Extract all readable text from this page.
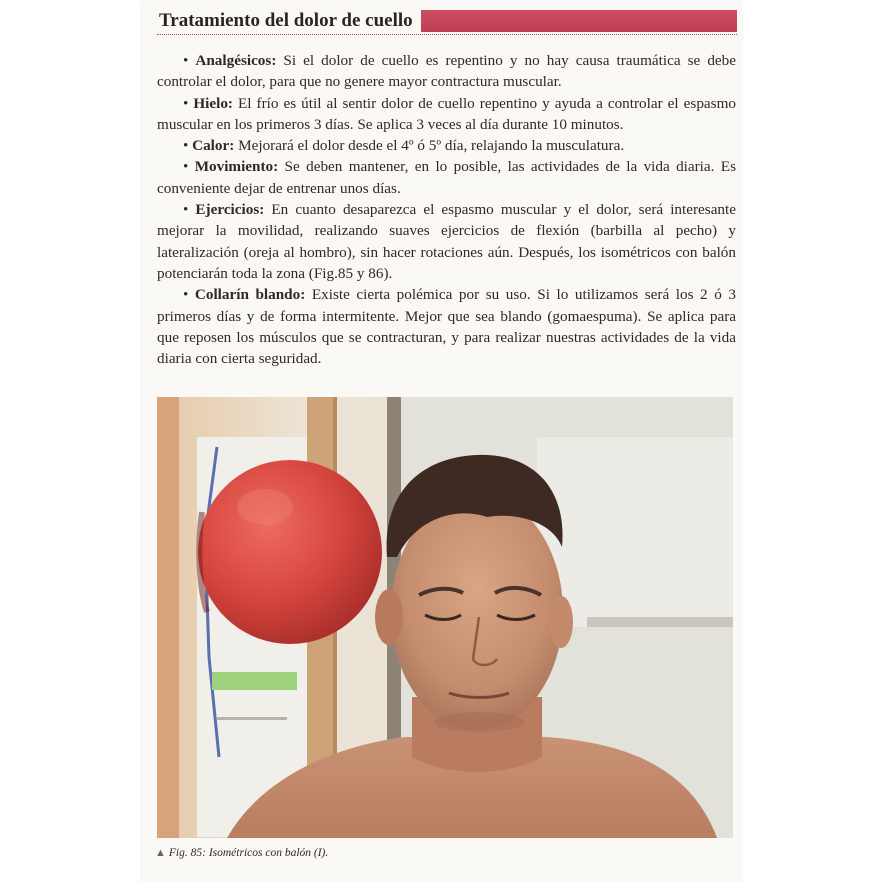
Tratamiento del dolor de cuello

• Analgésicos: Si el dolor de cuello es repentino y no hay causa traumática se debe controlar el dolor, para que no genere mayor contractura muscular.

• Hielo: El frío es útil al sentir dolor de cuello repentino y ayuda a controlar el espasmo muscular en los primeros 3 días. Se aplica 3 veces al día durante 10 minutos.

• Calor: Mejorará el dolor desde el 4º ó 5º día, relajando la musculatura.

• Movimiento: Se deben mantener, en lo posible, las actividades de la vida diaria. Es conveniente dejar de entrenar unos días.

• Ejercicios: En cuanto desaparezca el espasmo muscular y el dolor, será interesante mejorar la movilidad, realizando suaves ejercicios de flexión (barbilla al pecho) y lateralización (oreja al hombro), sin hacer rotaciones aún. Después, los isométricos con balón potenciarán toda la zona (Fig.85 y 86).

• Collarín blando: Existe cierta polémica por su uso. Si lo utilizamos será los 2 ó 3 primeros días y de forma intermitente. Mejor que sea blando (gomaespuma). Se aplica para que reposen los músculos que se contracturan, y para realizar nuestras actividades de la vida diaria con cierta seguridad.

▲ Fig. 85: Isométricos con balón (I).
